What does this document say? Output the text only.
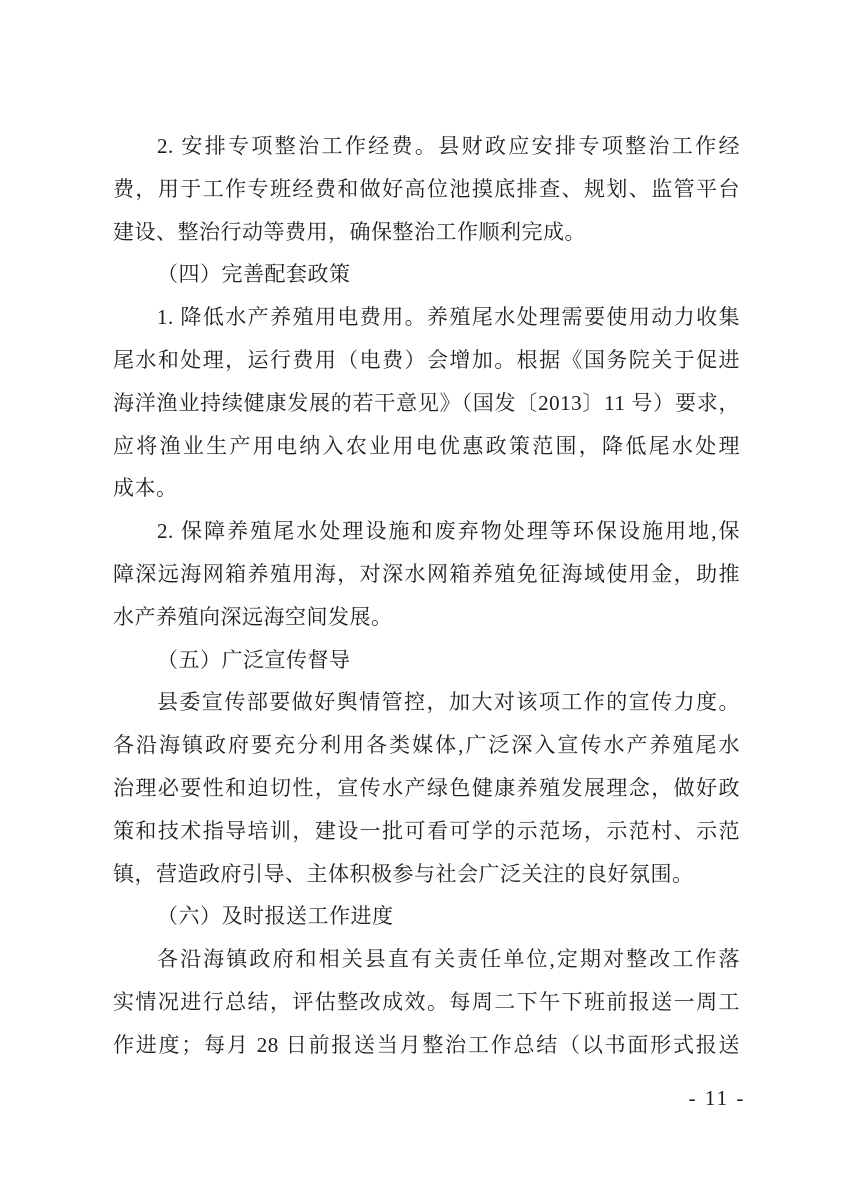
2. 安排专项整治工作经费。县财政应安排专项整治工作经
费，用于工作专班经费和做好高位池摸底排查、规划、监管平台
建设、整治行动等费用，确保整治工作顺利完成。
（四）完善配套政策
1. 降低水产养殖用电费用。养殖尾水处理需要使用动力收集
尾水和处理，运行费用（电费）会增加。根据《国务院关于促进
海洋渔业持续健康发展的若干意见》（国发〔2013〕11 号）要求，
应将渔业生产用电纳入农业用电优惠政策范围，降低尾水处理
成本。
2. 保障养殖尾水处理设施和废弃物处理等环保设施用地,保
障深远海网箱养殖用海，对深水网箱养殖免征海域使用金，助推
水产养殖向深远海空间发展。
（五）广泛宣传督导
县委宣传部要做好舆情管控，加大对该项工作的宣传力度。
各沿海镇政府要充分利用各类媒体,广泛深入宣传水产养殖尾水
治理必要性和迫切性，宣传水产绿色健康养殖发展理念，做好政
策和技术指导培训，建设一批可看可学的示范场，示范村、示范
镇，营造政府引导、主体积极参与社会广泛关注的良好氛围。
（六）及时报送工作进度
各沿海镇政府和相关县直有关责任单位,定期对整改工作落
实情况进行总结，评估整改成效。每周二下午下班前报送一周工
作进度；每月 28 日前报送当月整治工作总结（以书面形式报送
- 11 -
